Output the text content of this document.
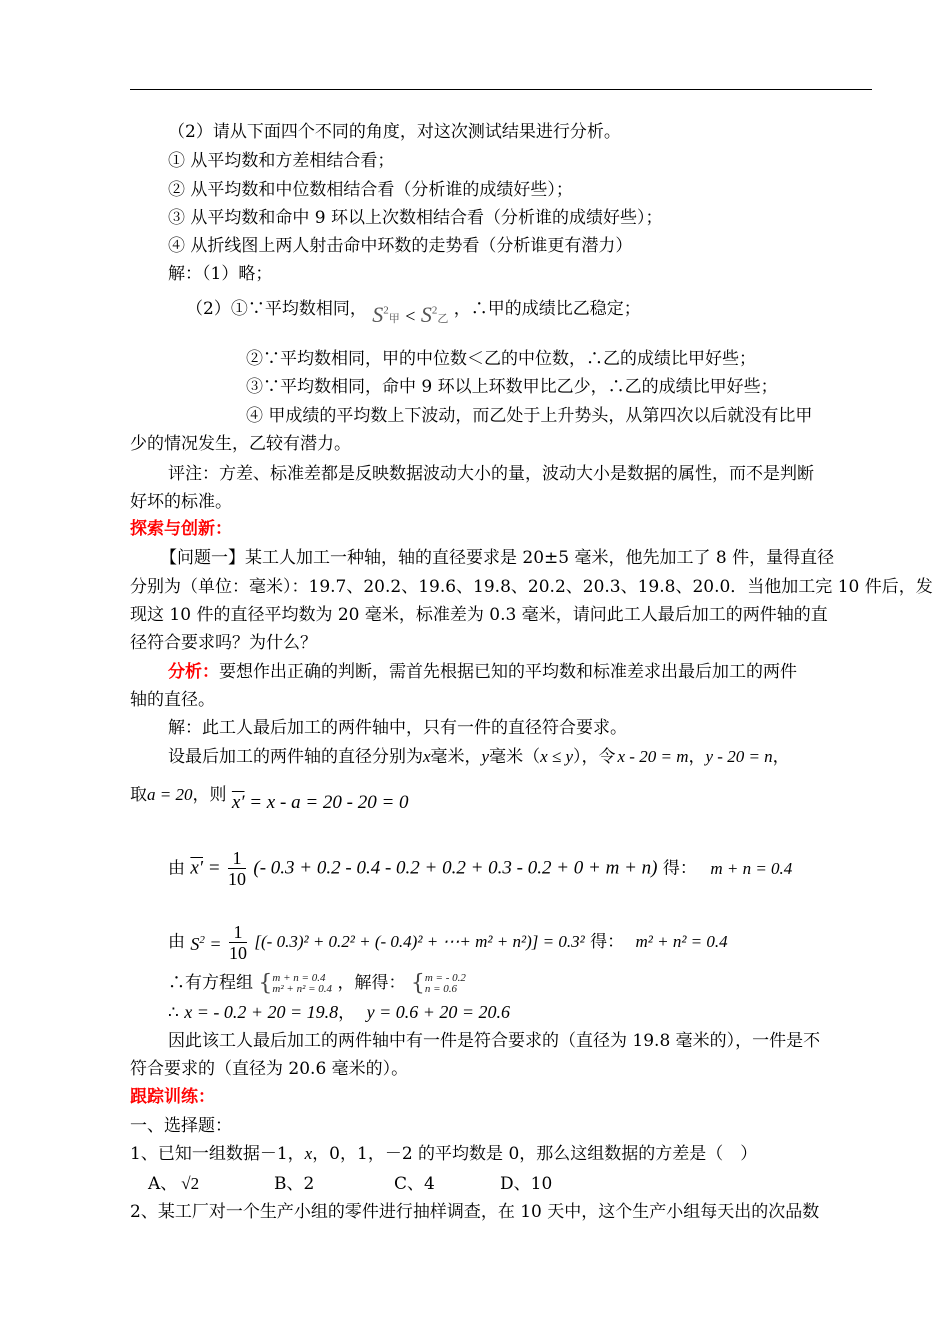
（2）请从下面四个不同的角度，对这次测试结果进行分析。
① 从平均数和方差相结合看；
② 从平均数和中位数相结合看（分析谁的成绩好些）；
③ 从平均数和命中 9 环以上次数相结合看（分析谁的成绩好些）；
④ 从折线图上两人射击命中环数的走势看（分析谁更有潜力）
解：（1）略；
（2）①∵平均数相同， $S^2$甲 < $S^2$乙 ，∴甲的成绩比乙稳定；
②∵平均数相同，甲的中位数＜乙的中位数，∴乙的成绩比甲好些；
③∵平均数相同，命中 9 环以上环数甲比乙少，∴乙的成绩比甲好些；
④ 甲成绩的平均数上下波动，而乙处于上升势头，从第四次以后就没有比甲
少的情况发生，乙较有潜力。
评注：方差、标准差都是反映数据波动大小的量，波动大小是数据的属性，而不是判断
好坏的标准。
探索与创新：
【问题一】某工人加工一种轴，轴的直径要求是 20±5 毫米，他先加工了 8 件，量得直径
分别为（单位：毫米）：19.7、20.2、19.6、19.8、20.2、20.3、19.8、20.0．当他加工完 10 件后，发
现这 10 件的直径平均数为 20 毫米，标准差为 0.3 毫米，请问此工人最后加工的两件轴的直
径符合要求吗？为什么？
分析：要想作出正确的判断，需首先根据已知的平均数和标准差求出最后加工的两件
轴的直径。
解：此工人最后加工的两件轴中，只有一件的直径符合要求。
设最后加工的两件轴的直径分别为x毫米，y毫米（x ≤ y），令 x - 20 = m，y - 20 = n，
取a = 20，则 x′ = x - a = 20 - 20 = 0
由 $x' = \frac{1}{10}$ (- 0.3 + 0.2 - 0.4 - 0.2 + 0.2 + 0.3 - 0.2 + 0 + m + n) 得： m + n = 0.4
由 $S^2 = \frac{1}{10}$ [(- 0.3)² + 0.2² + (- 0.4)² + ⋯+ m² + n²)] = 0.3² 得： m² + n² = 0.4
∴有方程组 { m + n = 0.4
m² + n² = 0.4 ，解得： { m = - 0.2
n = 0.6
∴ x = - 0.2 + 20 = 19.8， y = 0.6 + 20 = 20.6
因此该工人最后加工的两件轴中有一件是符合要求的（直径为 19.8 毫米的），一件是不
符合要求的（直径为 20.6 毫米的）。
跟踪训练：
一、选择题：
1、已知一组数据－1，x，0，1，－2 的平均数是 0，那么这组数据的方差是（　）
A、 √2	B、2	C、4	D、10
2、某工厂对一个生产小组的零件进行抽样调查，在 10 天中，这个生产小组每天出的次品数
